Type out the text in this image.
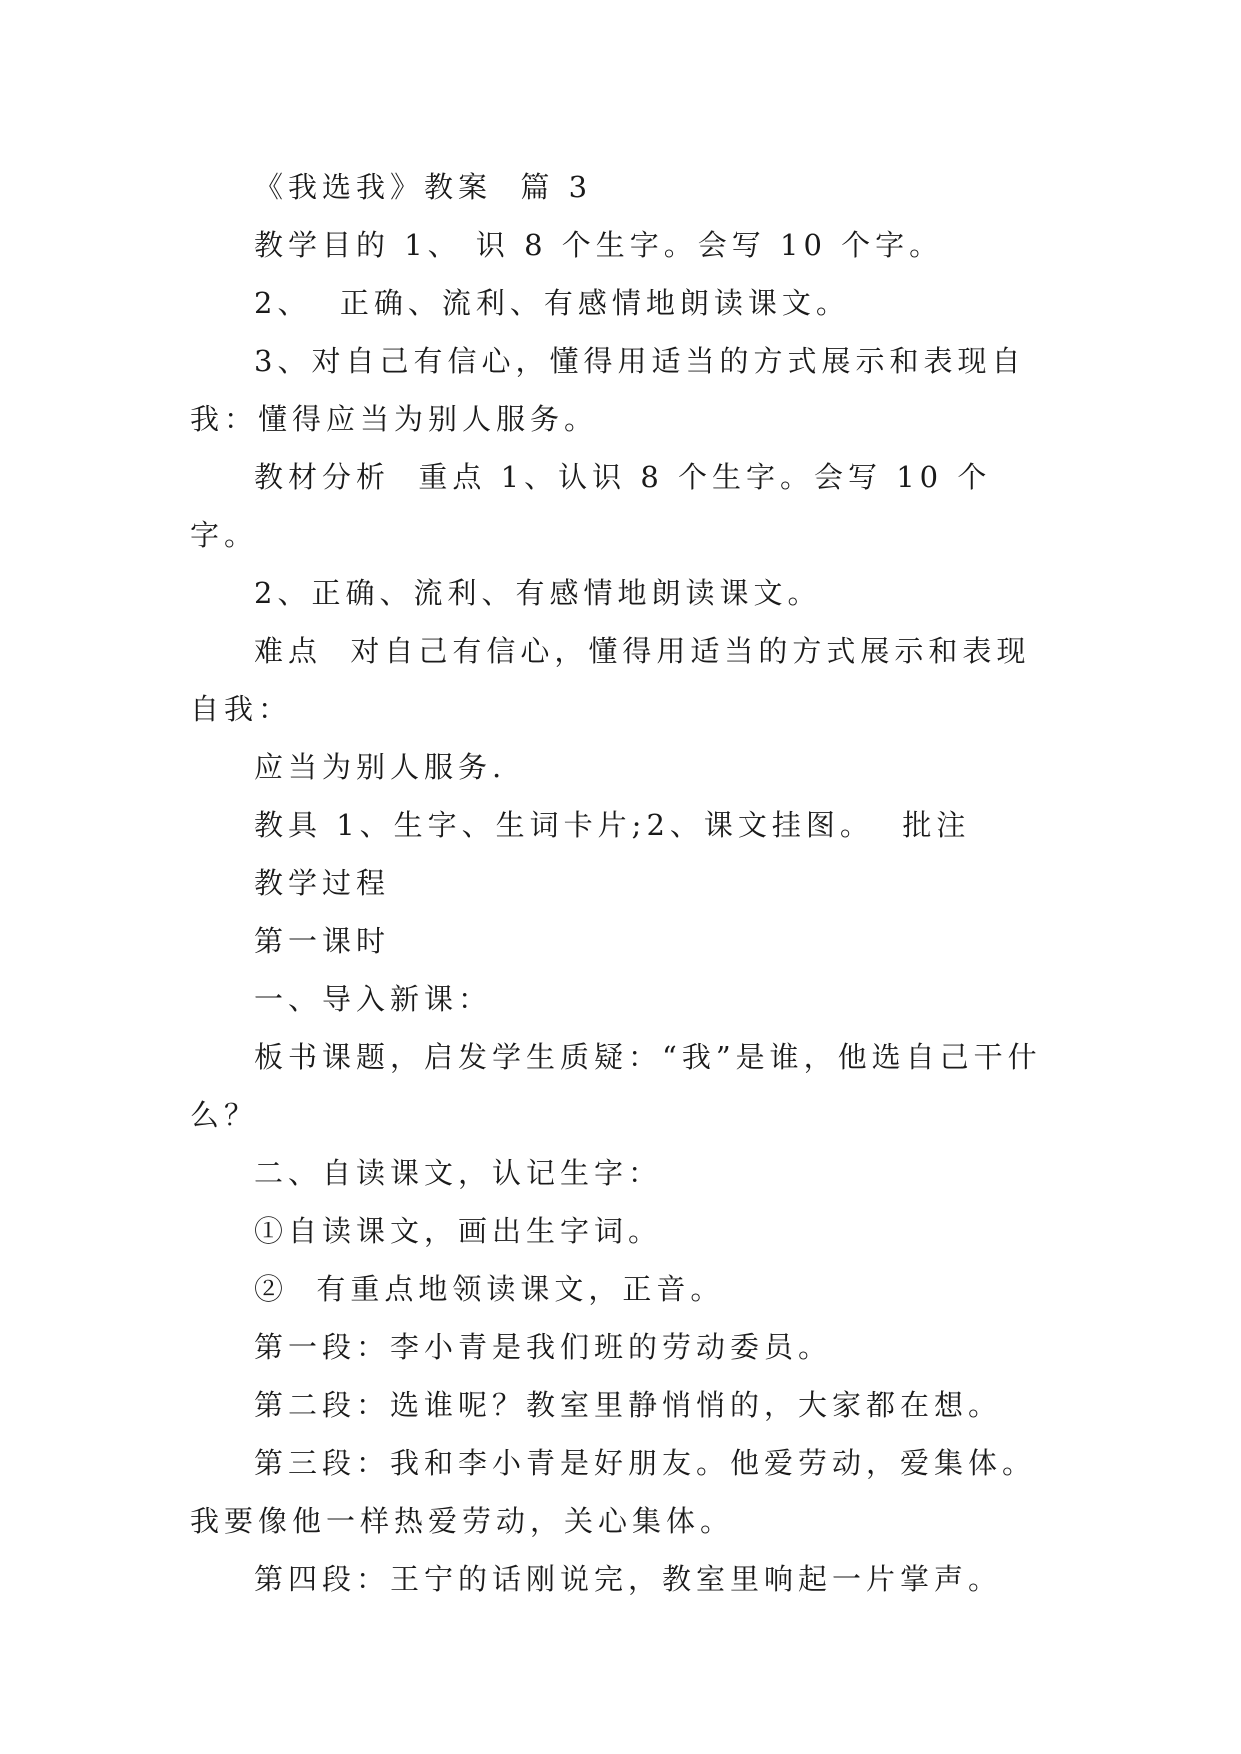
《我选我》教案  篇 3

教学目的 1、 识 8 个生字。会写 10 个字。

2、  正确、流利、有感情地朗读课文。

3、对自己有信心，懂得用适当的方式展示和表现自我：懂得应当为别人服务。

教材分析  重点 1、认识 8 个生字。会写 10 个字。

2、正确、流利、有感情地朗读课文。

难点  对自己有信心，懂得用适当的方式展示和表现自我：

应当为别人服务.

教具 1、生字、生词卡片;2、课文挂图。  批注

教学过程

第一课时

一、导入新课：

板书课题，启发学生质疑：“我”是谁，他选自己干什么？

二、自读课文，认记生字：

①自读课文，画出生字词。

②  有重点地领读课文，正音。

第一段：李小青是我们班的劳动委员。

第二段：选谁呢？教室里静悄悄的，大家都在想。

第三段：我和李小青是好朋友。他爱劳动，爱集体。我要像他一样热爱劳动，关心集体。

第四段：王宁的话刚说完，教室里响起一片掌声。
